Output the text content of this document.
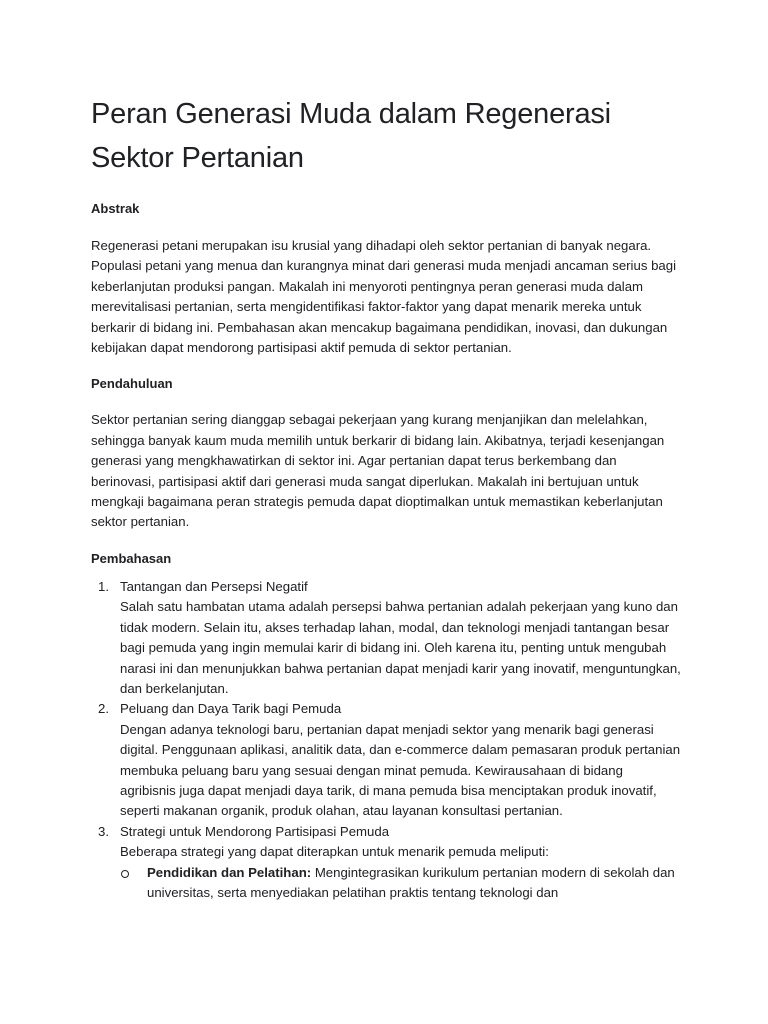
Peran Generasi Muda dalam Regenerasi Sektor Pertanian
Abstrak

Regenerasi petani merupakan isu krusial yang dihadapi oleh sektor pertanian di banyak negara. Populasi petani yang menua dan kurangnya minat dari generasi muda menjadi ancaman serius bagi keberlanjutan produksi pangan. Makalah ini menyoroti pentingnya peran generasi muda dalam merevitalisasi pertanian, serta mengidentifikasi faktor-faktor yang dapat menarik mereka untuk berkarir di bidang ini. Pembahasan akan mencakup bagaimana pendidikan, inovasi, dan dukungan kebijakan dapat mendorong partisipasi aktif pemuda di sektor pertanian.

Pendahuluan

Sektor pertanian sering dianggap sebagai pekerjaan yang kurang menjanjikan dan melelahkan, sehingga banyak kaum muda memilih untuk berkarir di bidang lain. Akibatnya, terjadi kesenjangan generasi yang mengkhawatirkan di sektor ini. Agar pertanian dapat terus berkembang dan berinovasi, partisipasi aktif dari generasi muda sangat diperlukan. Makalah ini bertujuan untuk mengkaji bagaimana peran strategis pemuda dapat dioptimalkan untuk memastikan keberlanjutan sektor pertanian.

Pembahasan
1. Tantangan dan Persepsi Negatif
Salah satu hambatan utama adalah persepsi bahwa pertanian adalah pekerjaan yang kuno dan tidak modern. Selain itu, akses terhadap lahan, modal, dan teknologi menjadi tantangan besar bagi pemuda yang ingin memulai karir di bidang ini. Oleh karena itu, penting untuk mengubah narasi ini dan menunjukkan bahwa pertanian dapat menjadi karir yang inovatif, menguntungkan, dan berkelanjutan.
2. Peluang dan Daya Tarik bagi Pemuda
Dengan adanya teknologi baru, pertanian dapat menjadi sektor yang menarik bagi generasi digital. Penggunaan aplikasi, analitik data, dan e-commerce dalam pemasaran produk pertanian membuka peluang baru yang sesuai dengan minat pemuda. Kewirausahaan di bidang agribisnis juga dapat menjadi daya tarik, di mana pemuda bisa menciptakan produk inovatif, seperti makanan organik, produk olahan, atau layanan konsultasi pertanian.
3. Strategi untuk Mendorong Partisipasi Pemuda
Beberapa strategi yang dapat diterapkan untuk menarik pemuda meliputi:
Pendidikan dan Pelatihan: Mengintegrasikan kurikulum pertanian modern di sekolah dan universitas, serta menyediakan pelatihan praktis tentang teknologi dan
